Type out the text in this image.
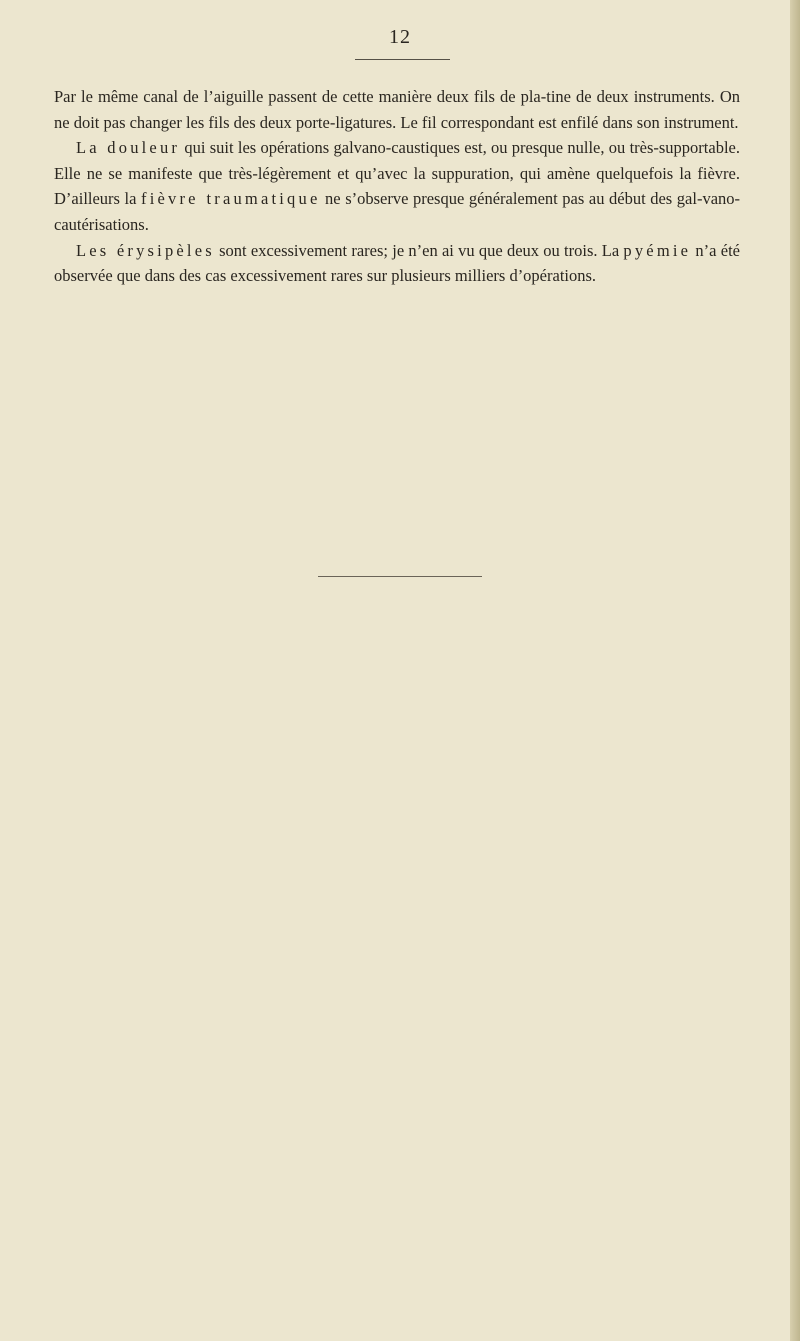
12

Par le même canal de l’aiguille passent de cette manière deux fils de pla-tine de deux instruments. On ne doit pas changer les fils des deux porte-ligatures. Le fil correspondant est enfilé dans son instrument.

La douleur qui suit les opérations galvano-caustiques est, ou presque nulle, ou très-supportable. Elle ne se manifeste que très-légèrement et qu’avec la suppuration, qui amène quelquefois la fièvre. D’ailleurs la fièvre traumatique ne s’observe presque généralement pas au début des gal-vano-cautérisations.

Les érysipèles sont excessivement rares; je n’en ai vu que deux ou trois. La pyémie n’a été observée que dans des cas excessivement rares sur plusieurs milliers d’opérations.
